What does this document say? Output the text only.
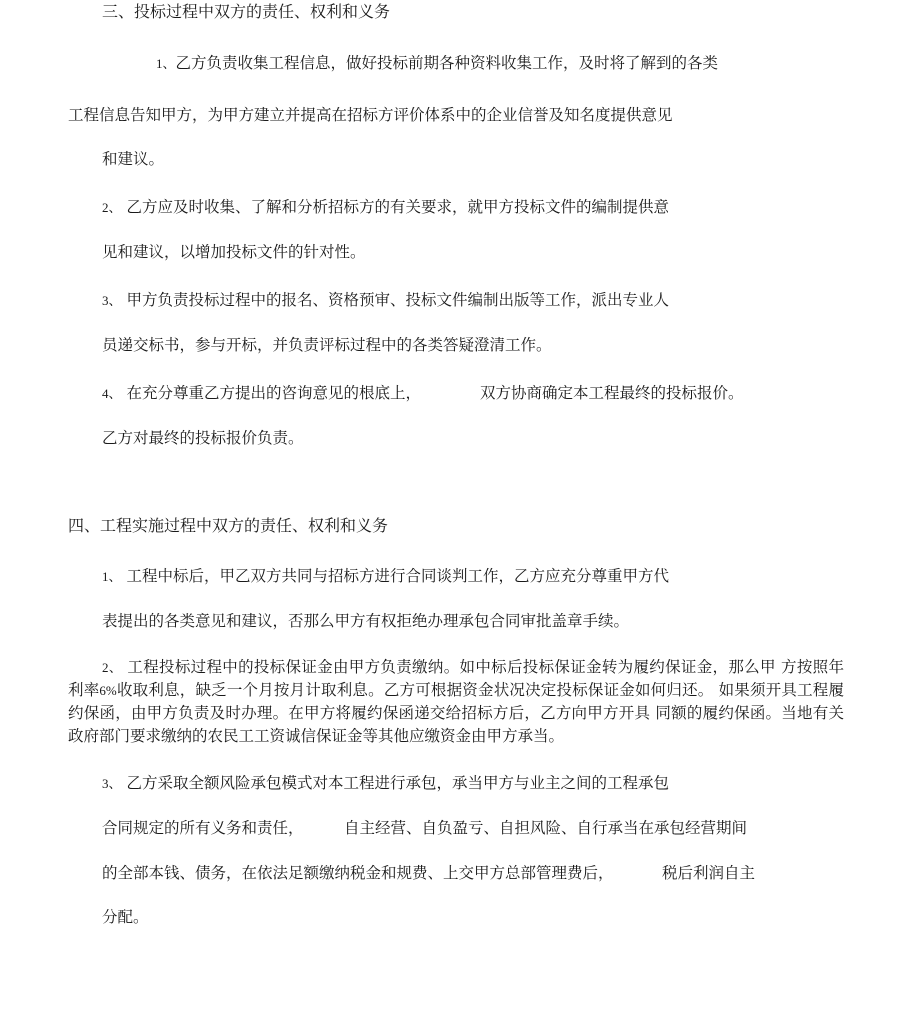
三、投标过程中双方的责任、权利和义务
1、乙方负责收集工程信息，做好投标前期各种资料收集工作，及时将了解到的各类
工程信息告知甲方，为甲方建立并提高在招标方评价体系中的企业信誉及知名度提供意见
和建议。
2、 乙方应及时收集、了解和分析招标方的有关要求，就甲方投标文件的编制提供意
见和建议，以增加投标文件的针对性。
3、 甲方负责投标过程中的报名、资格预审、投标文件编制出版等工作，派出专业人
员递交标书，参与开标，并负责评标过程中的各类答疑澄清工作。
4、 在充分尊重乙方提出的咨询意见的根底上，	双方协商确定本工程最终的投标报价。
乙方对最终的投标报价负责。
四、工程实施过程中双方的责任、权利和义务
1、 工程中标后，甲乙双方共同与招标方进行合同谈判工作，乙方应充分尊重甲方代
表提出的各类意见和建议，否那么甲方有权拒绝办理承包合同审批盖章手续。
2、 工程投标过程中的投标保证金由甲方负责缴纳。如中标后投标保证金转为履约保证金，那么甲 方按照年利率6%收取利息，缺乏一个月按月计取利息。乙方可根据资金状况决定投标保证金如何归还。 如果须开具工程履约保函，由甲方负责及时办理。在甲方将履约保函递交给招标方后，乙方向甲方开具 同额的履约保函。当地有关政府部门要求缴纳的农民工工资诚信保证金等其他应缴资金由甲方承当。
3、 乙方采取全额风险承包模式对本工程进行承包，承当甲方与业主之间的工程承包
合同规定的所有义务和责任，	自主经营、自负盈亏、自担风险、自行承当在承包经营期间
的全部本钱、债务，在依法足额缴纳税金和规费、上交甲方总部管理费后，	税后利润自主
分配。
